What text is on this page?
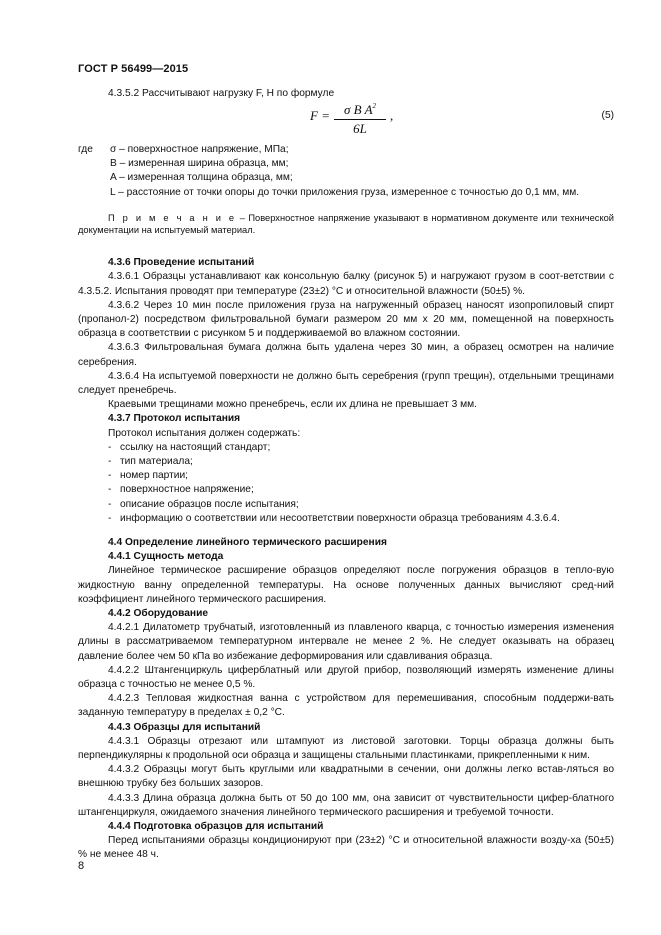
ГОСТ Р 56499—2015
4.3.5.2 Рассчитывают нагрузку F, Н по формуле
F =	σ B $A^2$
6L
,	(5)
где σ – поверхностное напряжение, МПа;

B – измеренная ширина образца, мм;

A – измеренная толщина образца, мм;

L – расстояние от точки опоры до точки приложения груза, измеренное с точностью до 0,1 мм, мм.

П р и м е ч а н и е – Поверхностное напряжение указывают в нормативном документе или технической документации на испытуемый материал.

4.3.6 Проведение испытаний

4.3.6.1 Образцы устанавливают как консольную балку (рисунок 5) и нагружают грузом в соот-ветствии с 4.3.5.2. Испытания проводят при температуре (23±2) °С и относительной влажности (50±5) %.

4.3.6.2 Через 10 мин после приложения груза на нагруженный образец наносят изопропиловый спирт (пропанол-2) посредством фильтровальной бумаги размером 20 мм х 20 мм, помещенной на поверхность образца в соответствии с рисунком 5 и поддерживаемой во влажном состоянии.

4.3.6.3 Фильтровальная бумага должна быть удалена через 30 мин, а образец осмотрен на наличие серебрения.

4.3.6.4 На испытуемой поверхности не должно быть серебрения (групп трещин), отдельными трещинами следует пренебречь.

Краевыми трещинами можно пренебречь, если их длина не превышает 3 мм.

4.3.7 Протокол испытания

Протокол испытания должен содержать:

- ссылку на настоящий стандарт;
- тип материала;
- номер партии;
- поверхностное напряжение;
- описание образцов после испытания;
- информацию о соответствии или несоответствии поверхности образца требованиям 4.3.6.4.

4.4 Определение линейного термического расширения

4.4.1 Сущность метода

Линейное термическое расширение образцов определяют после погружения образцов в тепло-вую жидкостную ванну определенной температуры. На основе полученных данных вычисляют сред-ний коэффициент линейного термического расширения.

4.4.2 Оборудование

4.4.2.1 Дилатометр трубчатый, изготовленный из плавленого кварца, с точностью измерения изменения длины в рассматриваемом температурном интервале не менее 2 %. Не следует оказывать на образец давление более чем 50 кПа во избежание деформирования или сдавливания образца.

4.4.2.2 Штангенциркуль циферблатный или другой прибор, позволяющий измерять изменение длины образца с точностью не менее 0,5 %.

4.4.2.3 Тепловая жидкостная ванна с устройством для перемешивания, способным поддержи-вать заданную температуру в пределах ± 0,2 °С.

4.4.3 Образцы для испытаний

4.4.3.1 Образцы отрезают или штампуют из листовой заготовки. Торцы образца должны быть перпендикулярны к продольной оси образца и защищены стальными пластинками, прикрепленными к ним.

4.4.3.2 Образцы могут быть круглыми или квадратными в сечении, они должны легко встав-ляться во внешнюю трубку без больших зазоров.

4.4.3.3 Длина образца должна быть от 50 до 100 мм, она зависит от чувствительности цифер-блатного штангенциркуля, ожидаемого значения линейного термического расширения и требуемой точности.

4.4.4 Подготовка образцов для испытаний

Перед испытаниями образцы кондиционируют при (23±2) °С и относительной влажности возду-ха (50±5) % не менее 48 ч.

8
